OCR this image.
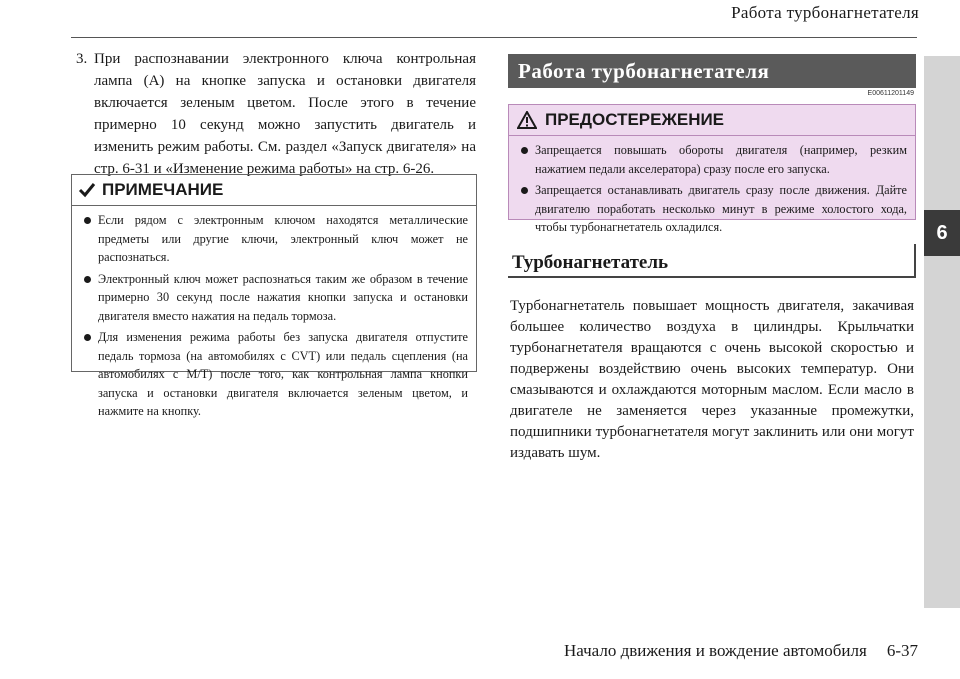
Работа турбонагнетателя
6
3. При распознавании электронного ключа контрольная лампа (A) на кнопке запуска и остановки двигателя включается зеленым цветом. После этого в течение примерно 10 секунд можно запустить двигатель и изменить режим работы. См. раздел «Запуск двигателя» на стр. 6-31 и «Изменение режима работы» на стр. 6-26.
ПРИМЕЧАНИЕ
Если рядом с электронным ключом находятся металлические предметы или другие ключи, электронный ключ может не распознаться.
Электронный ключ может распознаться таким же образом в течение примерно 30 секунд после нажатия кнопки запуска и остановки двигателя вместо нажатия на педаль тормоза.
Для изменения режима работы без запуска двигателя отпустите педаль тормоза (на автомобилях с CVT) или педаль сцепления (на автомобилях с M/T) после того, как контрольная лампа кнопки запуска и остановки двигателя включается зеленым цветом, и нажмите на кнопку.
Работа турбонагнетателя
E00611201149
ПРЕДОСТЕРЕЖЕНИЕ
Запрещается повышать обороты двигателя (например, резким нажатием педали акселератора) сразу после его запуска.
Запрещается останавливать двигатель сразу после движения. Дайте двигателю поработать несколько минут в режиме холостого хода, чтобы турбонагнетатель охладился.
Турбонагнетатель
Турбонагнетатель повышает мощность двигателя, закачивая большее количество воздуха в цилиндры. Крыльчатки турбонагнетателя вращаются с очень высокой скоростью и подвержены воздействию очень высоких температур. Они смазываются и охлаждаются моторным маслом. Если масло в двигателе не заменяется через указанные промежутки, подшипники турбонагнетателя могут заклинить или они могут издавать шум.
Начало движения и вождение автомобиля 6-37
